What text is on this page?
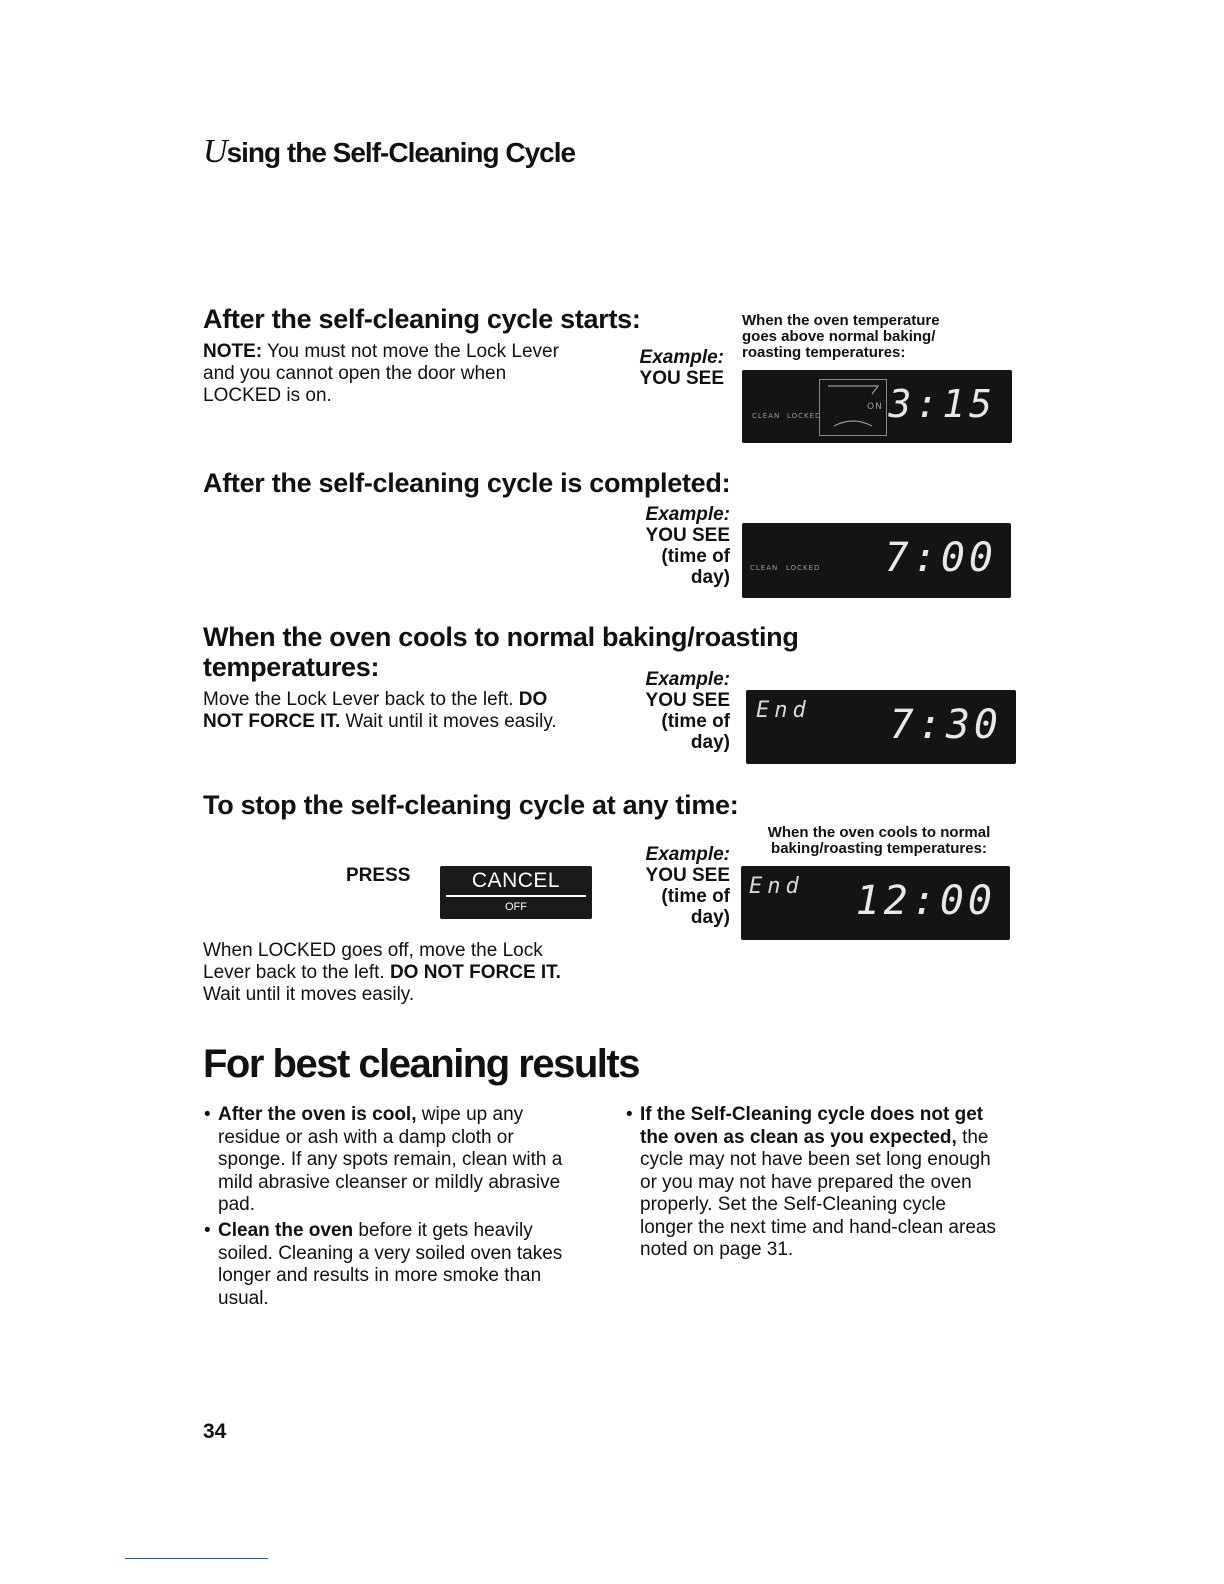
Using the Self-Cleaning Cycle
After the self-cleaning cycle starts:
NOTE: You must not move the Lock Lever
and you cannot open the door when
LOCKED is on.
Example:
YOU SEE
When the oven temperature
goes above normal baking/
roasting temperatures:
CLEAN LOCKED
ON 3:15
After the self-cleaning cycle is completed:
Example:
YOU SEE
(time of
day)	CLEAN LOCKED 7:00
When the oven cools to normal baking/roasting
temperatures:
Move the Lock Lever back to the left. DO
NOT FORCE IT. Wait until it moves easily.
Example:
YOU SEE
(time of
day)
End 7:30
To stop the self-cleaning cycle at any time:
PRESS	CANCEL
OFF
When the oven cools to normal
baking/roasting temperatures:
Example:
YOU SEE
(time of
day)
End 12:00
When LOCKED goes off, move the Lock
Lever back to the left. DO NOT FORCE IT.
Wait until it moves easily.
For best cleaning results
• After the oven is cool, wipe up any
residue or ash with a damp cloth or
sponge. If any spots remain, clean with a
mild abrasive cleanser or mildly abrasive
pad.
• Clean the oven before it gets heavily
soiled. Cleaning a very soiled oven takes
longer and results in more smoke than
usual.
• If the Self-Cleaning cycle does not get
the oven as clean as you expected, the
cycle may not have been set long enough
or you may not have prepared the oven
properly. Set the Self-Cleaning cycle
longer the next time and hand-clean areas
noted on page 31.
34
